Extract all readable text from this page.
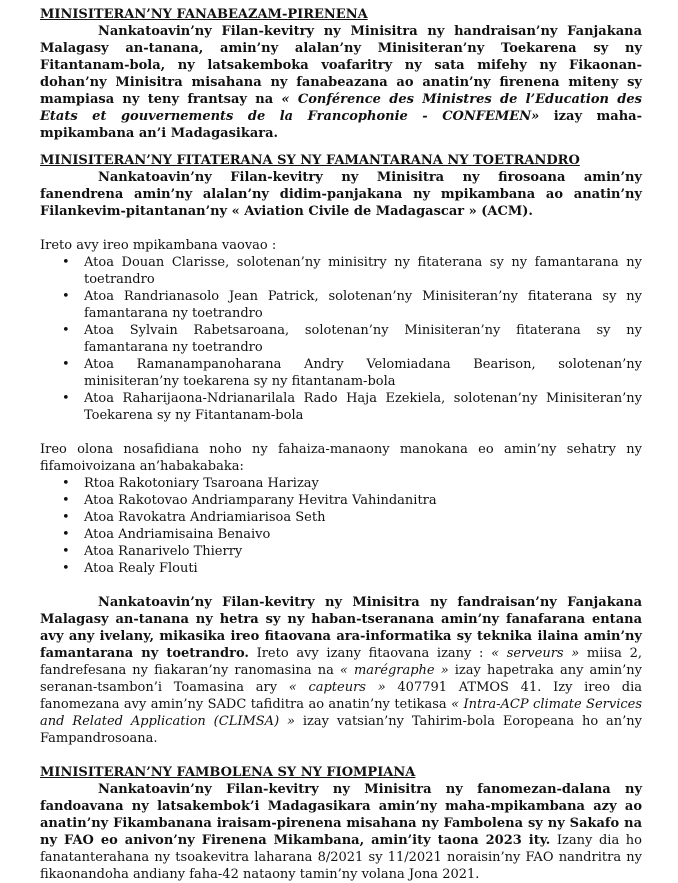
MINISITERAN’NY FANABEAZAM-PIRENENA

Nankatoavin’ny Filan-kevitry ny Minisitra ny handraisan’ny Fanjakana Malagasy an-tanana, amin’ny alalan’ny Minisiteran’ny Toekarena sy ny Fitantanam-bola, ny latsakemboka voafaritry ny sata mifehy ny Fikaonan-dohan’ny Minisitra misahana ny fanabeazana ao anatin’ny firenena miteny sy mampiasa ny teny frantsay na « Conférence des Ministres de l’Education des Etats et gouvernements de la Francophonie - CONFEMEN» izay maha-mpikambana an’i Madagasikara.

MINISITERAN’NY FITATERANA SY NY FAMANTARANA NY TOETRANDRO

Nankatoavin’ny Filan-kevitry ny Minisitra ny firosoana amin’ny fanendrena amin’ny alalan’ny didim-panjakana ny mpikambana ao anatin’ny Filankevim-pitantanan’ny « Aviation Civile de Madagascar » (ACM).

Ireto avy ireo mpikambana vaovao :

• Atoa Douan Clarisse, solotenan’ny minisitry ny fitaterana sy ny famantarana ny toetrandro
• Atoa Randrianasolo Jean Patrick, solotenan’ny Minisiteran’ny fitaterana sy ny famantarana ny toetrandro
• Atoa Sylvain Rabetsaroana, solotenan’ny Minisiteran’ny fitaterana sy ny famantarana ny toetrandro
• Atoa Ramanampanoharana Andry Velomiadana Bearison, solotenan’ny minisiteran’ny toekarena sy ny fitantanam-bola
• Atoa Raharijaona-Ndrianarilala Rado Haja Ezekiela, solotenan’ny Minisiteran’ny Toekarena sy ny Fitantanam-bola

Ireo olona nosafidiana noho ny fahaiza-manaony manokana eo amin’ny sehatry ny fifamoivoizana an’habakabaka:

• Rtoa Rakotoniary Tsaroana Harizay
• Atoa Rakotovao Andriamparany Hevitra Vahindanitra
• Atoa Ravokatra Andriamiarisoa Seth
• Atoa Andriamisaina Benaivo
• Atoa Ranarivelo Thierry
• Atoa Realy Flouti

Nankatoavin’ny Filan-kevitry ny Minisitra ny fandraisan’ny Fanjakana Malagasy an-tanana ny hetra sy ny haban-tseranana amin’ny fanafarana entana avy any ivelany, mikasika ireo fitaovana ara-informatika sy teknika ilaina amin’ny famantarana ny toetrandro. Ireto avy izany fitaovana izany : « serveurs » miisa 2, fandrefesana ny fiakaran’ny ranomasina na « marégraphe » izay hapetraka any amin’ny seranan-tsambon’i Toamasina ary « capteurs » 407791 ATMOS 41. Izy ireo dia fanomezana avy amin’ny SADC tafiditra ao anatin’ny tetikasa « Intra-ACP climate Services and Related Application (CLIMSA) » izay vatsian’ny Tahirim-bola Eoropeana ho an’ny Fampandrosoana.

MINISITERAN’NY FAMBOLENA SY NY FIOMPIANA

Nankatoavin’ny Filan-kevitry ny Minisitra ny fanomezan-dalana ny fandoavana ny latsakembok’i Madagasikara amin’ny maha-mpikambana azy ao anatin’ny Fikambanana iraisam-pirenena misahana ny Fambolena sy ny Sakafo na ny FAO eo anivon’ny Firenena Mikambana, amin’ity taona 2023 ity. Izany dia ho fanatanterahana ny tsoakevitra laharana 8/2021 sy 11/2021 noraisin’ny FAO nandritra ny fikaonandoha andiany faha-42 nataony tamin’ny volana Jona 2021.
